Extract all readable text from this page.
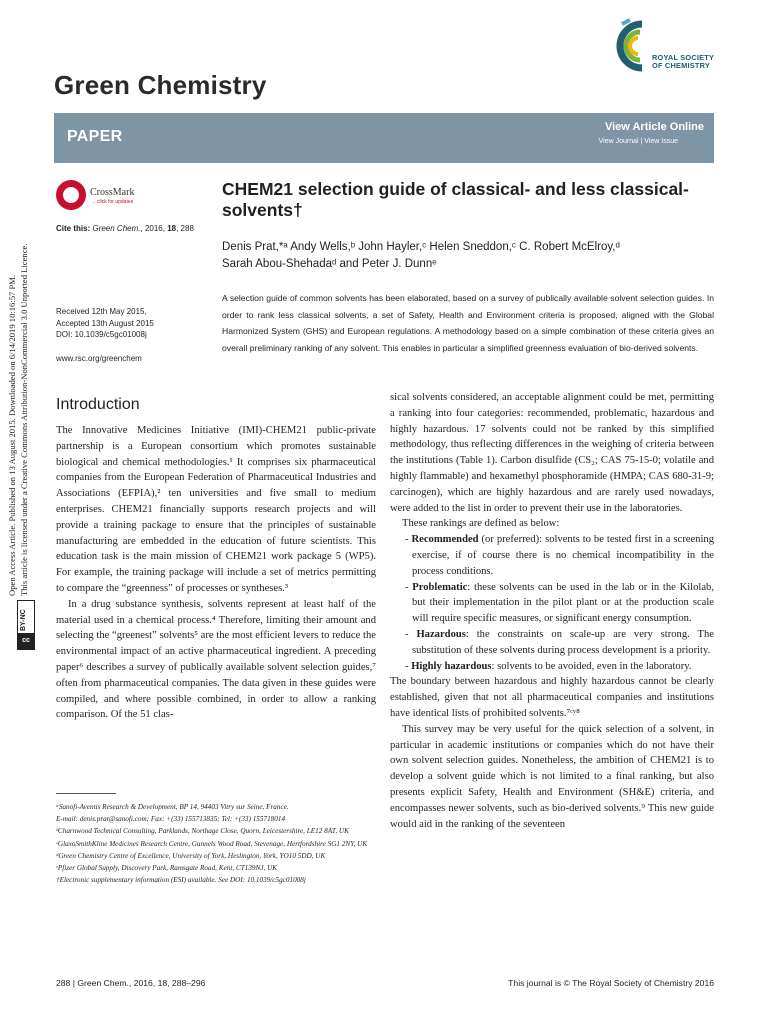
Open Access Article. Published on 13 August 2015. Downloaded on 6/14/2019 10:16:57 PM. This article is licensed under a Creative Commons Attribution-NonCommercial 3.0 Unported Licence.
BY-NC
cc
Green Chemistry
ROYAL SOCIETY
OF CHEMISTRY
PAPER
View Article Online
View Journal | View Issue
CrossMark
←click for updates
Cite this: Green Chem., 2016, 18, 288
Received 12th May 2015,
Accepted 13th August 2015
DOI: 10.1039/c5gc01008j
www.rsc.org/greenchem
CHEM21 selection guide of classical- and less classical-solvents†
Denis Prat,*ᵃ Andy Wells,ᵇ John Hayler,ᶜ Helen Sneddon,ᶜ C. Robert McElroy,ᵈ
Sarah Abou-Shehadaᵈ and Peter J. Dunnᵉ
A selection guide of common solvents has been elaborated, based on a survey of publically available solvent selection guides. In order to rank less classical solvents, a set of Safety, Health and Environment criteria is proposed, aligned with the Global Harmonized System (GHS) and European regulations. A methodology based on a simple combination of these criteria gives an overall preliminary ranking of any solvent. This enables in particular a simplified greenness evaluation of bio-derived solvents.
Introduction

The Innovative Medicines Initiative (IMI)-CHEM21 public-private partnership is a European consortium which promotes sustainable biological and chemical methodologies.¹ It comprises six pharmaceutical companies from the European Federation of Pharmaceutical Industries and Associations (EFPIA),² ten universities and five small to medium enterprises. CHEM21 financially supports research projects and will provide a training package to ensure that the principles of sustainable manufacturing are embedded in the education of future scientists. This education task is the main mission of CHEM21 work package 5 (WP5). For example, the training package will include a set of metrics permitting to compare the “greenness” of processes or syntheses.³

In a drug substance synthesis, solvents represent at least half of the material used in a chemical process.⁴ Therefore, limiting their amount and selecting the “greenest” solvents⁵ are the most efficient levers to reduce the environmental impact of an active pharmaceutical ingredient. A preceding paper⁶ describes a survey of publically available solvent selection guides,⁷ often from pharmaceutical companies. The data given in these guides were compiled, and where possible combined, in order to allow a ranking comparison. Of the 51 clas-

sical solvents considered, an acceptable alignment could be met, permitting a ranking into four categories: recommended, problematic, hazardous and highly hazardous. 17 solvents could not be ranked by this simplified methodology, thus reflecting differences in the weighing of criteria between the institutions (Table 1). Carbon disulfide (CS₂; CAS 75-15-0; volatile and highly flammable) and hexamethyl phosphoramide (HMPA; CAS 680-31-9; carcinogen), which are highly hazardous and are rarely used nowadays, were added to the list in order to prevent their use in the laboratories.

These rankings are defined as below:

- Recommended (or preferred): solvents to be tested first in a screening exercise, if of course there is no chemical incompatibility in the process conditions.
- Problematic: these solvents can be used in the lab or in the Kilolab, but their implementation in the pilot plant or at the production scale will require specific measures, or significant energy consumption.
- Hazardous: the constraints on scale-up are very strong. The substitution of these solvents during process development is a priority.
- Highly hazardous: solvents to be avoided, even in the laboratory.

The boundary between hazardous and highly hazardous cannot be clearly established, given that not all pharmaceutical companies and institutions have identical lists of prohibited solvents.⁷ᶜʸ⁸

This survey may be very useful for the quick selection of a solvent, in particular in academic institutions or companies which do not have their own solvent selection guides. Nonetheless, the ambition of CHEM21 is to develop a solvent guide which is not limited to a final ranking, but also presents explicit Safety, Health and Environment (SH&E) criteria, and encompasses newer solvents, such as bio-derived solvents.⁹ This new guide would aid in the ranking of the seventeen

ᵃSanofi-Aventis Research & Development, BP 14, 94403 Vitry sur Seine, France.
E-mail: denis.prat@sanofi.com; Fax: +(33) 155713835; Tel: +(33) 155718014
ᵇCharnwood Technical Consulting, Parklands, Northage Close, Quorn, Leicestershire, LE12 8AT, UK
ᶜGlaxoSmithKline Medicines Research Centre, Gunnels Wood Road, Stevenage, Hertfordshire SG1 2NY, UK
ᵈGreen Chemistry Centre of Excellence, University of York, Heslington, York, YO10 5DD, UK
ᵉPfizer Global Supply, Discovery Park, Ramsgate Road, Kent, CT139NJ, UK
†Electronic supplementary information (ESI) available. See DOI: 10.1039/c5gc01008j
288 | Green Chem., 2016, 18, 288–296	This journal is © The Royal Society of Chemistry 2016
